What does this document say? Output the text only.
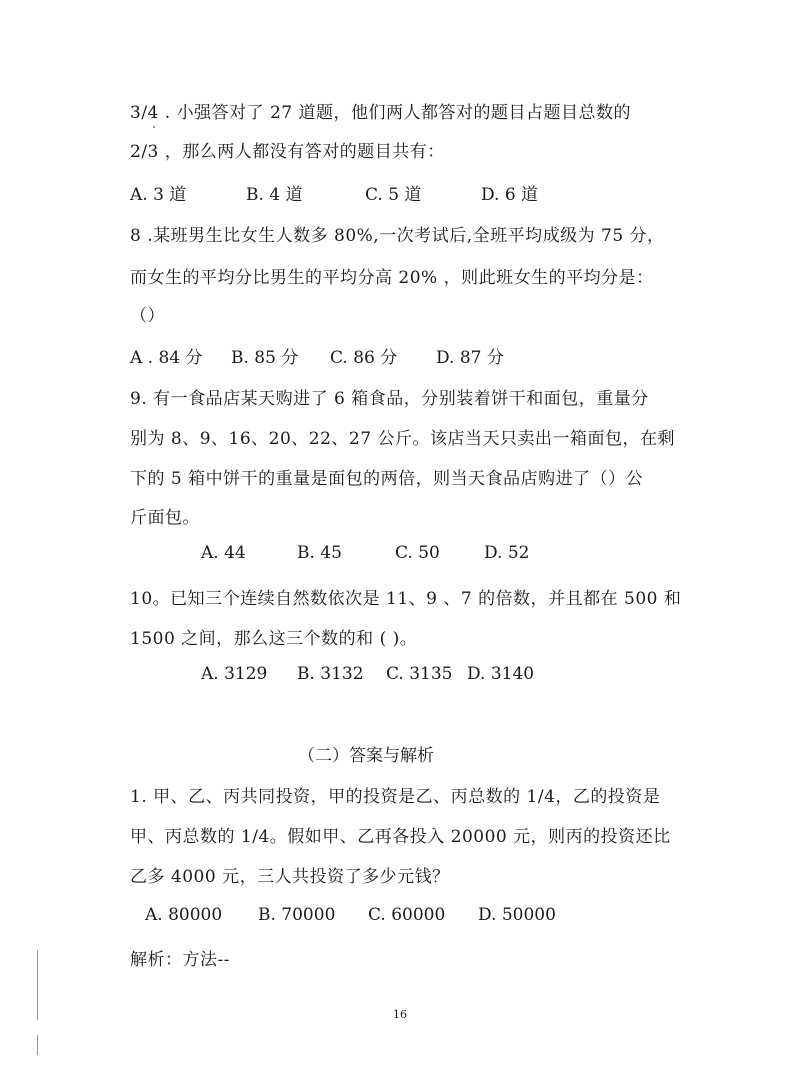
3/4 . 小强答对了 27 道题，他们两人都答对的题目占题目总数的
2/3 ，那么两人都没有答对的题目共有：
A. 3 道	B. 4 道	C. 5 道	D. 6 道
8 .某班男生比女生人数多 80%,一次考试后,全班平均成级为 75 分，
而女生的平均分比男生的平均分高 20% ，则此班女生的平均分是：
（）
A . 84 分 B. 85 分 C. 86 分 D. 87 分
9. 有一食品店某天购进了 6 箱食品，分别装着饼干和面包，重量分
别为 8、9、16、20、22、27 公斤。该店当天只卖出一箱面包，在剩
下的 5 箱中饼干的重量是面包的两倍，则当天食品店购进了（）公
斤面包。
A. 44	B. 45	C. 50	D. 52
10。已知三个连续自然数依次是 11、9 、7 的倍数，并且都在 500 和
1500 之间，那么这三个数的和 ( )。
A. 3129 B. 3132 C. 3135 D. 3140
（二）答案与解析
1. 甲、乙、丙共同投资，甲的投资是乙、丙总数的 1/4，乙的投资是
甲、丙总数的 1/4。假如甲、乙再各投入 20000 元，则丙的投资还比
乙多 4000 元，三人共投资了多少元钱？
A. 80000 B. 70000 C. 60000 D. 50000
解析：方法--
16
